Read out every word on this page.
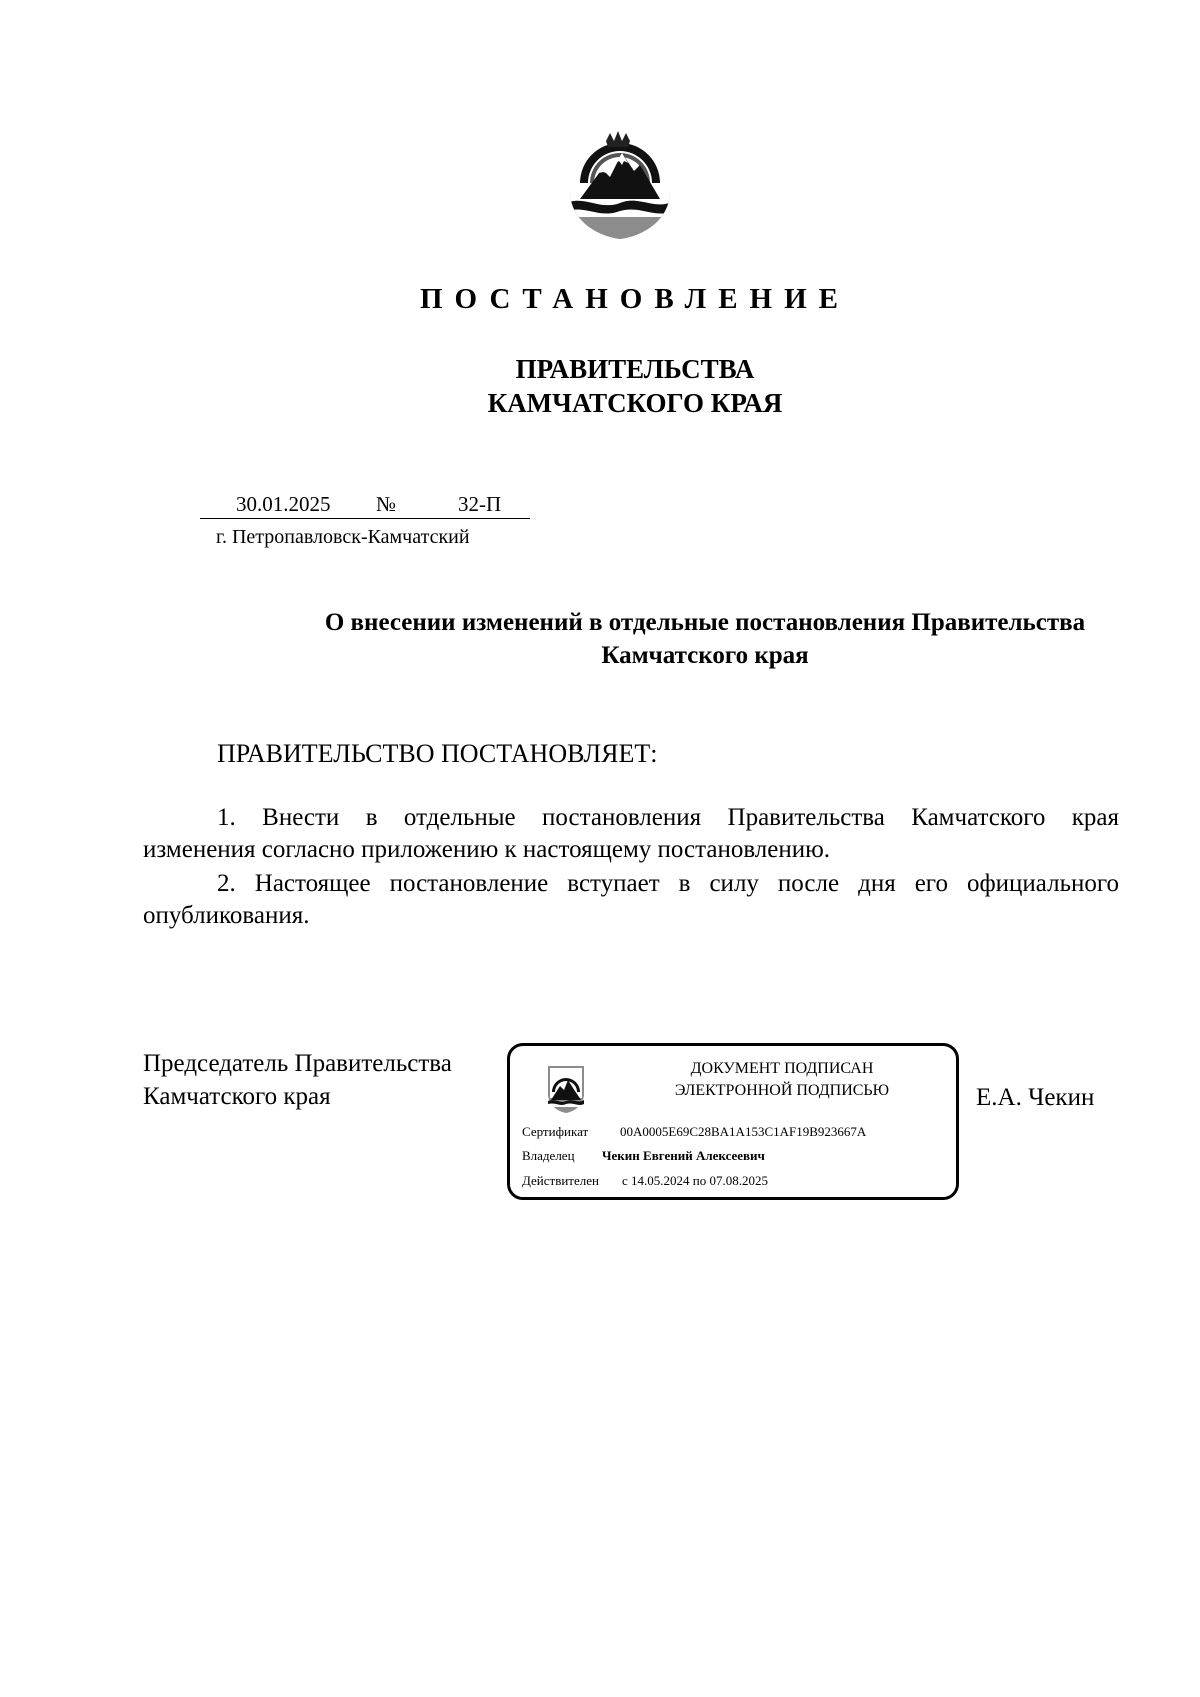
ПОСТАНОВЛЕНИЕ
ПРАВИТЕЛЬСТВА
КАМЧАТСКОГО КРАЯ
30.01.2025 №	32-П
г. Петропавловск-Камчатский
О внесении изменений в отдельные постановления Правительства
Камчатского края
ПРАВИТЕЛЬСТВО ПОСТАНОВЛЯЕТ:
1. Внести в отдельные постановления Правительства Камчатского края
изменения согласно приложению к настоящему постановлению.
2. Настоящее постановление вступает в силу после дня его официального
опубликования.
Председатель Правительства
Камчатского края	Е.А. Чекин
ДОКУМЕНТ ПОДПИСАН
ЭЛЕКТРОННОЙ ПОДПИСЬЮ
Сертификат 00A0005E69C28BA1A153C1AF19B923667A
Владелец Чекин Евгений Алексеевич
Действителен с 14.05.2024 по 07.08.2025
